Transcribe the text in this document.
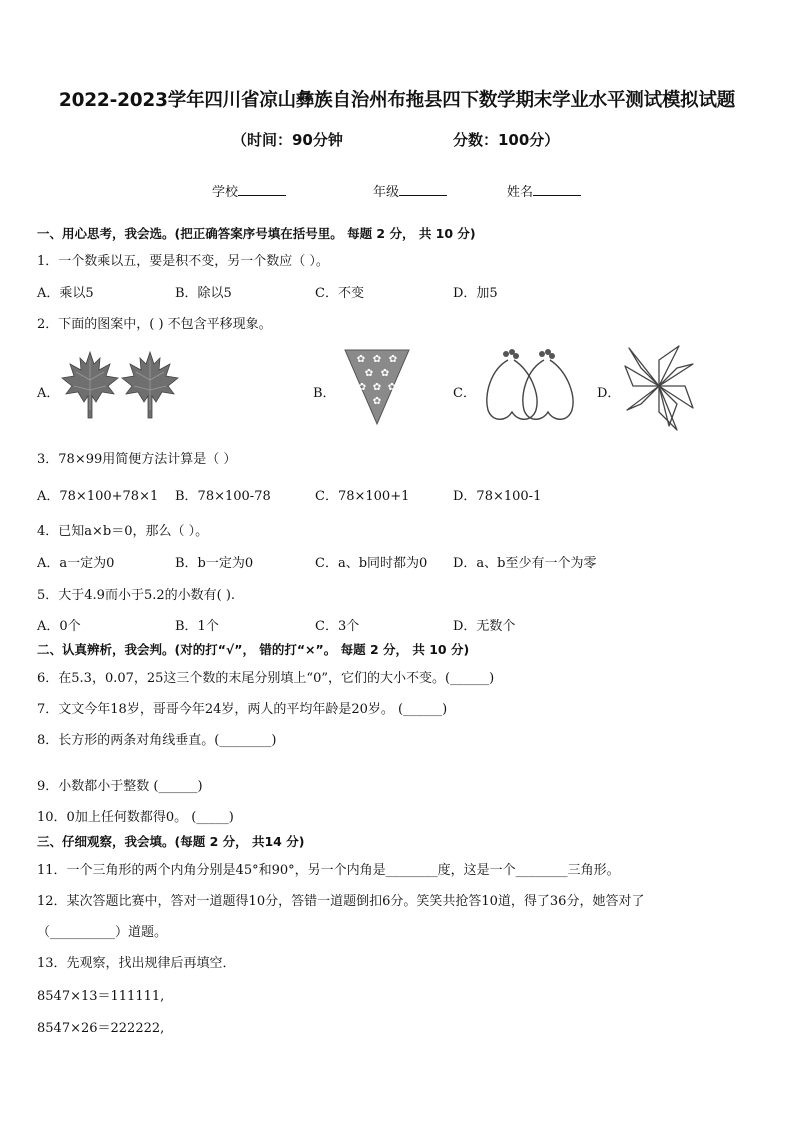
2022-2023学年四川省凉山彝族自治州布拖县四下数学期末学业水平测试模拟试题
（时间：90分钟	分数：100分）
学校	年级	姓名
一、用心思考，我会选。(把正确答案序号填在括号里。 每题 2 分， 共 10 分)
1．一个数乘以五，要是积不变，另一个数应（ ）。
A．乘以5	B．除以5	C．不变	D．加5
2．下面的图案中，( ) 不包含平移现象。
A．	B．	C．	D．
✿ ✿ ✿
✿ ✿
✿ ✿ ✿
✿
3．78×99用简便方法计算是（ ）
A．78×100+78×1 B．78×100-78	C．78×100+1	D．78×100-1
4．已知a×b＝0，那么（ ）。
A．a一定为0	B．b一定为0	C．a、b同时都为0 D．a、b至少有一个为零
5．大于4.9而小于5.2的小数有( ).
A．0个	B．1个	C．3个	D．无数个
二、认真辨析，我会判。(对的打“√”， 错的打“×”。 每题 2 分， 共 10 分)
6．在5.3，0.07，25这三个数的末尾分别填上“0”，它们的大小不变。(______)
7．文文今年18岁，哥哥今年24岁，两人的平均年龄是20岁。 (______)
8．长方形的两条对角线垂直。(________)
9．小数都小于整数 (______)
10．0加上任何数都得0。 (_____)
三、仔细观察，我会填。(每题 2 分， 共14 分)
11．一个三角形的两个内角分别是45°和90°，另一个内角是________度，这是一个________三角形。
12．某次答题比赛中，答对一道题得10分，答错一道题倒扣6分。笑笑共抢答10道，得了36分，她答对了
（__________）道题。
13．先观察，找出规律后再填空．
8547×13＝111111,
8547×26＝222222,
